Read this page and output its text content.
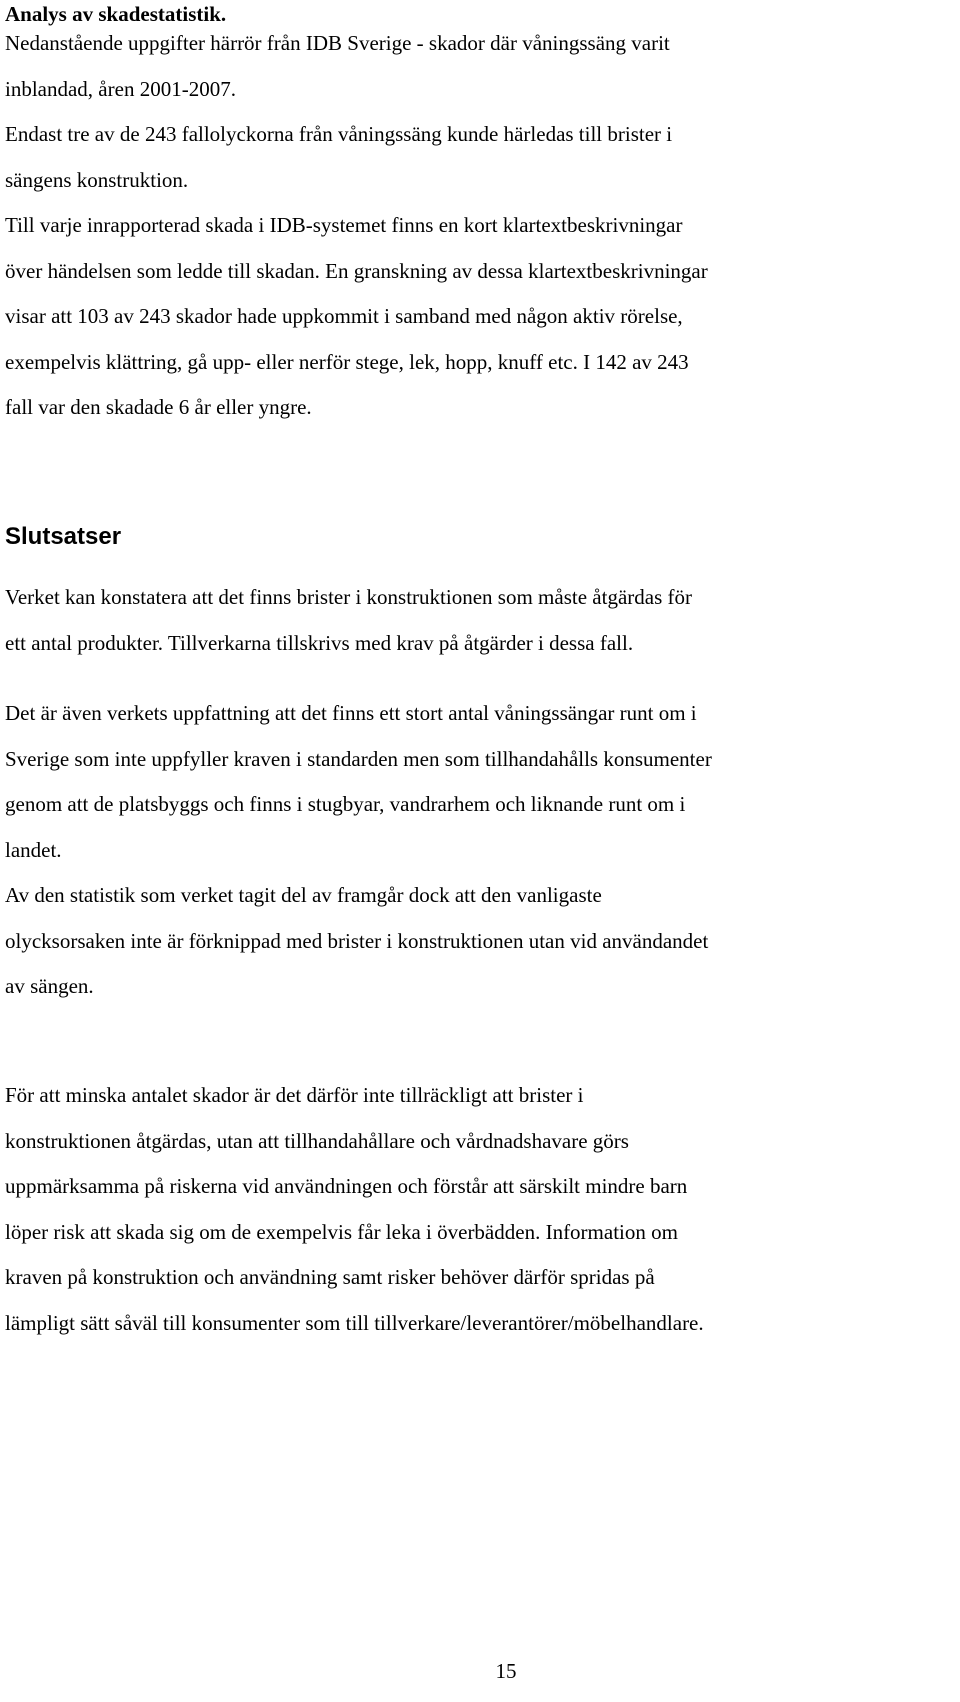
Analys av skadestatistik.

Nedanstående uppgifter härrör från IDB Sverige - skador där våningssäng varit
inblandad, åren 2001-2007.
Endast tre av de 243 fallolyckorna från våningssäng kunde härledas till brister i
sängens konstruktion.
Till varje inrapporterad skada i IDB-systemet finns en kort klartextbeskrivningar
över händelsen som ledde till skadan. En granskning av dessa klartextbeskrivningar
visar att 103 av 243 skador hade uppkommit i samband med någon aktiv rörelse,
exempelvis klättring, gå upp- eller nerför stege, lek, hopp, knuff etc. I 142 av 243
fall var den skadade 6 år eller yngre.
Slutsatser
Verket kan konstatera att det finns brister i konstruktionen som måste åtgärdas för
ett antal produkter. Tillverkarna tillskrivs med krav på åtgärder i dessa fall.
Det är även verkets uppfattning att det finns ett stort antal våningssängar runt om i
Sverige som inte uppfyller kraven i standarden men som tillhandahålls konsumenter
genom att de platsbyggs och finns i stugbyar, vandrarhem och liknande runt om i
landet.
Av den statistik som verket tagit del av framgår dock att den vanligaste
olycksorsaken inte är förknippad med brister i konstruktionen utan vid användandet
av sängen.
För att minska antalet skador är det därför inte tillräckligt att brister i
konstruktionen åtgärdas, utan att tillhandahållare och vårdnadshavare görs
uppmärksamma på riskerna vid användningen och förstår att särskilt mindre barn
löper risk att skada sig om de exempelvis får leka i överbädden. Information om
kraven på konstruktion och användning samt risker behöver därför spridas på
lämpligt sätt såväl till konsumenter som till tillverkare/leverantörer/möbelhandlare.
15
